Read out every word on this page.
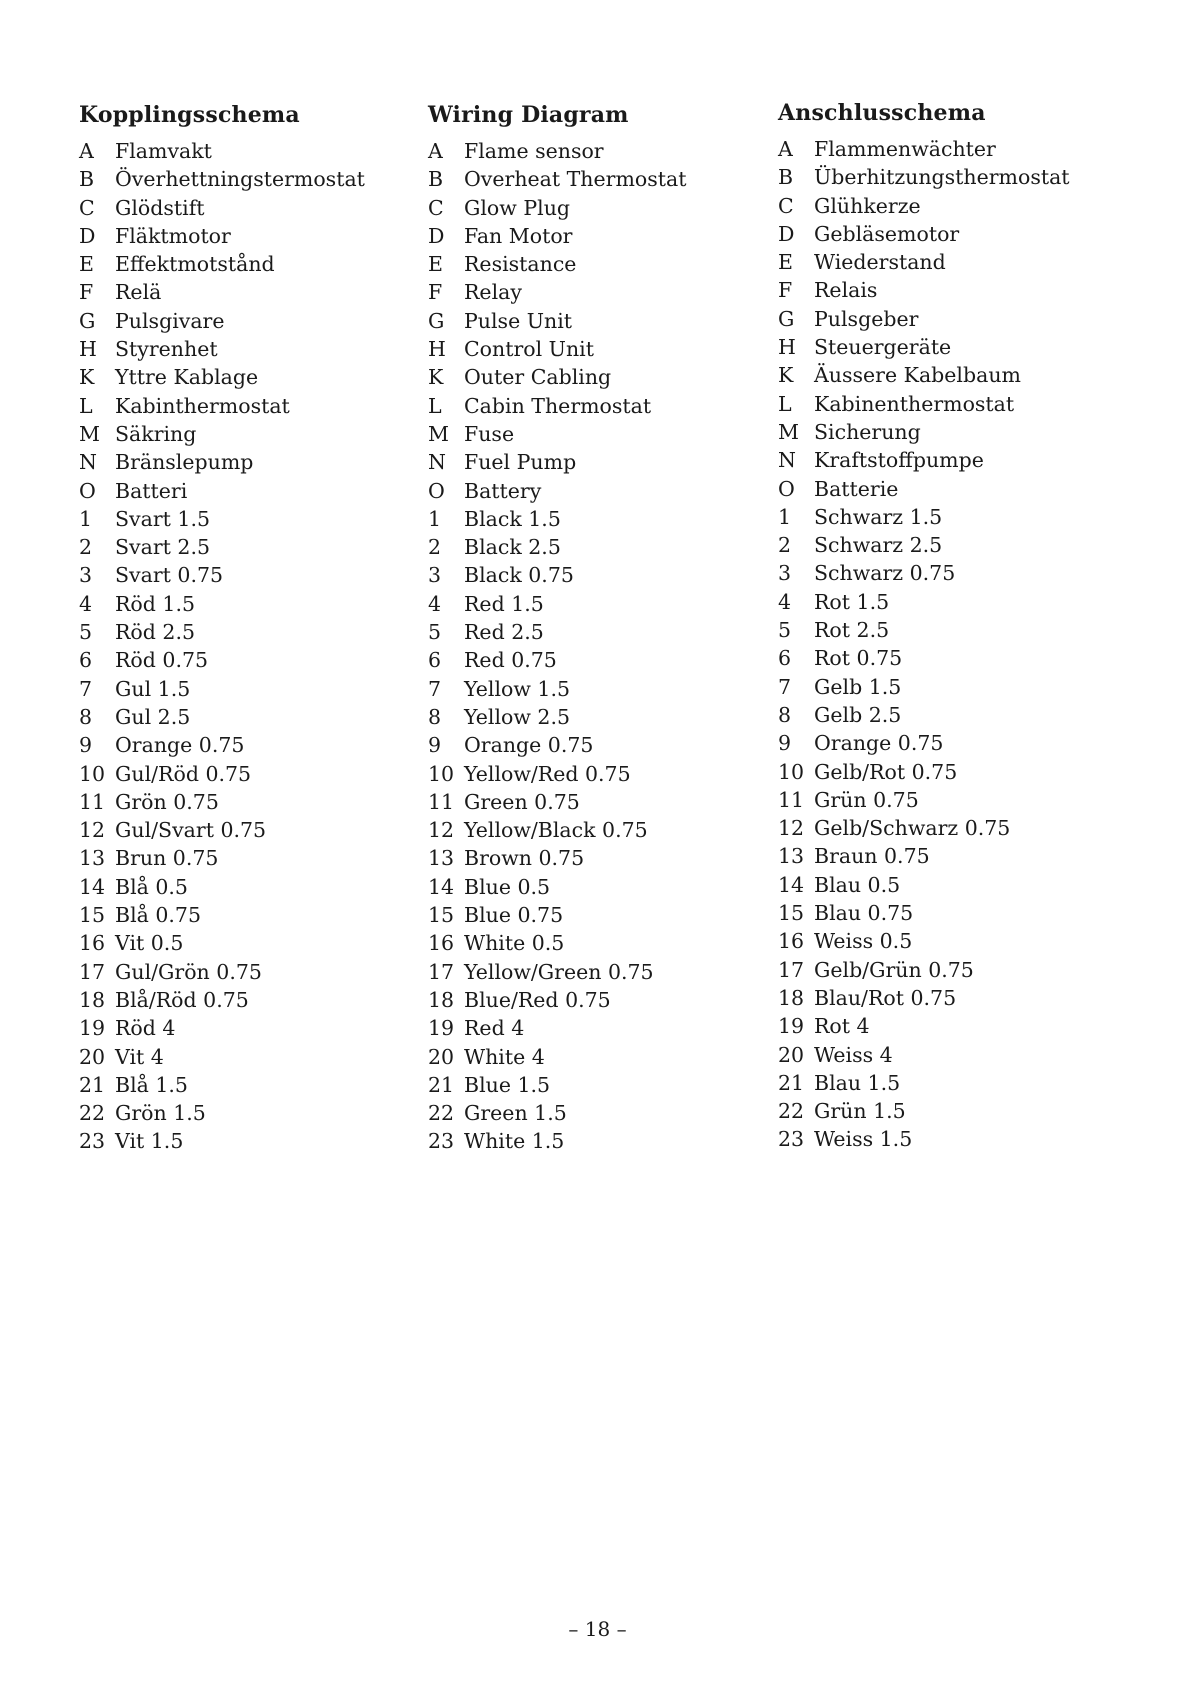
Kopplingsschema
A	Flamvakt
B	Överhettningstermostat
C Glödstift
D Fläktmotor
E	Effektmotstånd
F	Relä
G Pulsgivare
H Styrenhet
K	Yttre Kablage
L	Kabinthermostat
M Säkring
N Bränslepump
O Batteri
1	Svart 1.5
2	Svart 2.5
3	Svart 0.75
4	Röd 1.5
5	Röd 2.5
6	Röd 0.75
7	Gul 1.5
8	Gul 2.5
9	Orange 0.75
10 Gul/Röd 0.75
11 Grön 0.75
12 Gul/Svart 0.75
13 Brun 0.75
14 Blå 0.5
15 Blå 0.75
16 Vit 0.5
17 Gul/Grön 0.75
18 Blå/Röd 0.75
19 Röd 4
20 Vit 4
21 Blå 1.5
22 Grön 1.5
23 Vit 1.5
Wiring Diagram
A	Flame sensor
B	Overheat Thermostat
C Glow Plug
D Fan Motor
E	Resistance
F	Relay
G Pulse Unit
H Control Unit
K	Outer Cabling
L	Cabin Thermostat
M Fuse
N Fuel Pump
O Battery
1	Black 1.5
2	Black 2.5
3	Black 0.75
4	Red 1.5
5	Red 2.5
6	Red 0.75
7	Yellow 1.5
8	Yellow 2.5
9	Orange 0.75
10 Yellow/Red 0.75
11 Green 0.75
12 Yellow/Black 0.75
13 Brown 0.75
14 Blue 0.5
15 Blue 0.75
16 White 0.5
17 Yellow/Green 0.75
18 Blue/Red 0.75
19 Red 4
20 White 4
21 Blue 1.5
22 Green 1.5
23 White 1.5
Anschlusschema
A	Flammenwächter
B	Überhitzungsthermostat
C Glühkerze
D Gebläsemotor
E	Wiederstand
F	Relais
G Pulsgeber
H Steuergeräte
K	Äussere Kabelbaum
L	Kabinenthermostat
M Sicherung
N Kraftstoffpumpe
O Batterie
1	Schwarz 1.5
2	Schwarz 2.5
3	Schwarz 0.75
4	Rot 1.5
5	Rot 2.5
6	Rot 0.75
7	Gelb 1.5
8	Gelb 2.5
9	Orange 0.75
10 Gelb/Rot 0.75
11 Grün 0.75
12 Gelb/Schwarz 0.75
13 Braun 0.75
14 Blau 0.5
15 Blau 0.75
16 Weiss 0.5
17 Gelb/Grün 0.75
18 Blau/Rot 0.75
19 Rot 4
20 Weiss 4
21 Blau 1.5
22 Grün 1.5
23 Weiss 1.5
– 18 –
